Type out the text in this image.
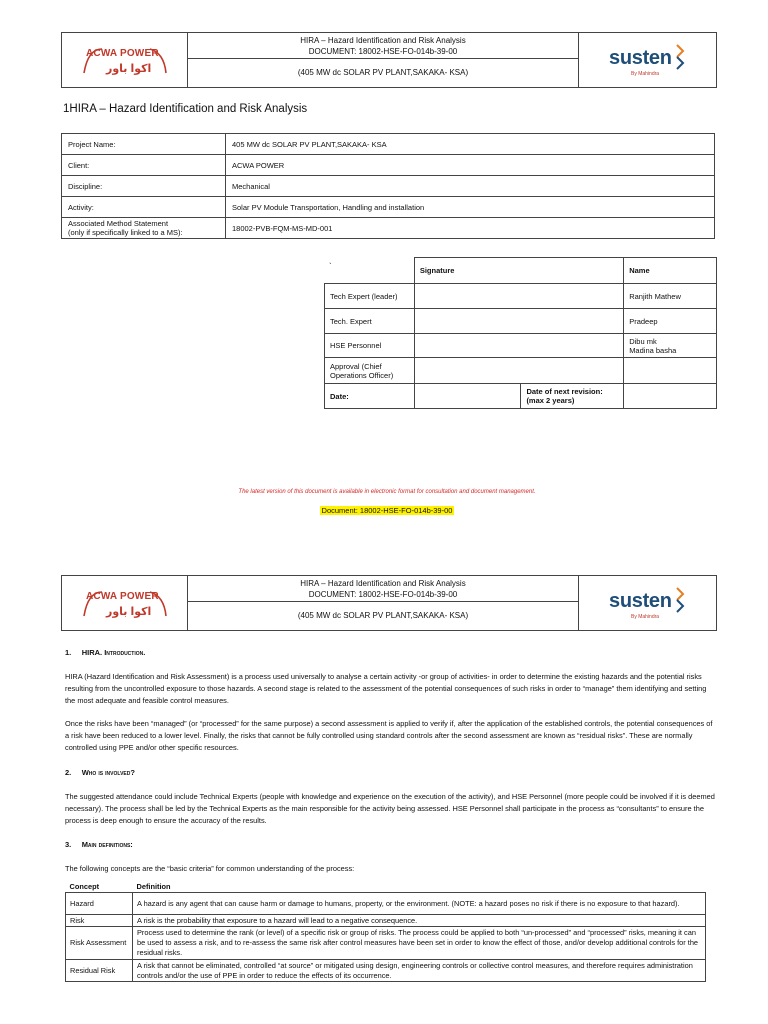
ACWA POWER
اكوا باور
HIRA – Hazard Identification and Risk Analysis
DOCUMENT: 18002-HSE-FO-014b-39-00
(405 MW dc SOLAR PV PLANT,SAKAKA- KSA)
susten
By Mahindra
1HIRA – Hazard Identification and Risk Analysis
Project Name:	405 MW dc SOLAR PV PLANT,SAKAKA- KSA
Client:	ACWA POWER
Discipline:	Mechanical
Activity:	Solar PV Module Transportation, Handling and installation

Associated Method Statement
(only if specifically linked to a MS):	18002-PVB-FQM-MS-MD-001
`
		Signature		Name
Tech Expert (leader)			Ranjith Mathew
Tech. Expert			Pradeep
HSE Personnel			Dibu mk
Madina basha

Approval (Chief
Operations Officer)			

Date:		Date of next revision:
(max 2 years)	

The latest version of this document is available in electronic format for consultation and document management.
Document: 18002-HSE-FO-014b-39-00
ACWA POWER
اكوا باور
HIRA – Hazard Identification and Risk Analysis
DOCUMENT: 18002-HSE-FO-014b-39-00
(405 MW dc SOLAR PV PLANT,SAKAKA- KSA)
susten
By Mahindra
1. HIRA. Introduction.

HIRA (Hazard Identification and Risk Assessment) is a process used universally to analyse a certain activity -or group of activities- in order to determine the existing hazards and the potential risks resulting from the uncontrolled exposure to those hazards. A second stage is related to the assessment of the potential consequences of such risks in order to “manage” them identifying and setting the most adequate and feasible control measures.

Once the risks have been “managed” (or “processed” for the same purpose) a second assessment is applied to verify if, after the application of the established controls, the potential consequences of a risk have been reduced to a lower level. Finally, the risks that cannot be fully controlled using standard controls after the second assessment are known as “residual risks”. These are normally controlled using PPE and/or other specific resources.

2. Who is involved?

The suggested attendance could include Technical Experts (people with knowledge and experience on the execution of the activity), and HSE Personnel (more people could be involved if it is deemed necessary). The process shall be led by the Technical Experts as the main responsible for the activity being assessed. HSE Personnel shall participate in the process as “consultants” to ensure the process is deep enough to ensure the accuracy of the results.

3. Main definitions:

The following concepts are the “basic criteria” for common understanding of the process:

Concept	Definition
Hazard	A hazard is any agent that can cause harm or damage to humans, property, or the environment. (NOTE: a hazard poses no risk if there is no exposure to that hazard).
Risk	A risk is the probability that exposure to a hazard will lead to a negative consequence.
Risk Assessment	Process used to determine the rank (or level) of a specific risk or group of risks. The process could be applied to both “un-processed” and “processed” risks, meaning it can be used to assess a risk, and to re-assess the same risk after control measures have been set in order to know the effect of those, and/or develop additional controls for the residual risks.
Residual Risk	A risk that cannot be eliminated, controlled “at source” or mitigated using design, engineering controls or collective control measures, and therefore requires administration controls and/or the use of PPE in order to reduce the effects of its occurrence.
